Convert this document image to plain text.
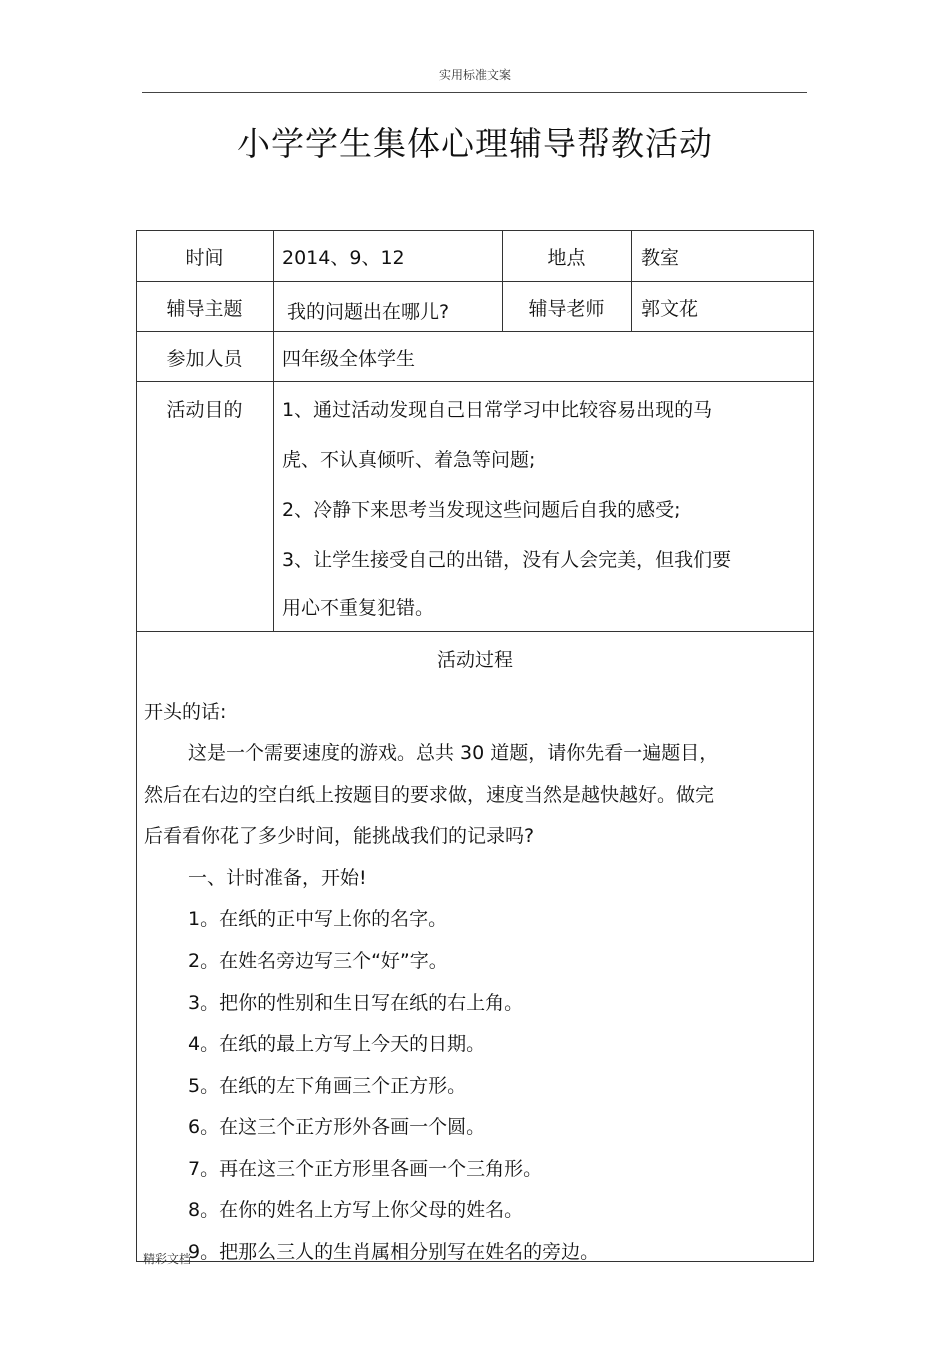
实用标准文案
小学学生集体心理辅导帮教活动
时间	2014、9、12	地点	教室
辅导主题	我的问题出在哪儿?	辅导老师	郭文花
参加人员	四年级全体学生
活动目的	1、通过活动发现自己日常学习中比较容易出现的马
虎、不认真倾听、着急等问题;
2、冷静下来思考当发现这些问题后自我的感受;
3、让学生接受自己的出错，没有人会完美，但我们要
用心不重复犯错。
活动过程
开头的话:
这是一个需要速度的游戏。总共 30 道题，请你先看一遍题目，
然后在右边的空白纸上按题目的要求做，速度当然是越快越好。做完
后看看你花了多少时间，能挑战我们的记录吗?
一、计时准备，开始!
1。在纸的正中写上你的名字。
2。在姓名旁边写三个“好”字。
3。把你的性别和生日写在纸的右上角。
4。在纸的最上方写上今天的日期。
5。在纸的左下角画三个正方形。
6。在这三个正方形外各画一个圆。
7。再在这三个正方形里各画一个三角形。
8。在你的姓名上方写上你父母的姓名。
9。把那么三人的生肖属相分别写在姓名的旁边。
精彩文档
